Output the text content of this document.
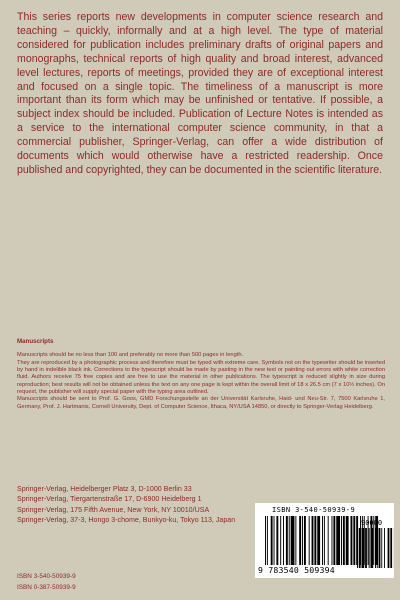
This series reports new developments in computer science research and teaching – quickly, informally and at a high level. The type of material considered for publication includes preliminary drafts of original papers and monographs, technical reports of high quality and broad interest, advanced level lectures, reports of meetings, provided they are of exceptional interest and focused on a single topic. The timeliness of a manuscript is more important than its form which may be unfinished or tentative. If possible, a subject index should be included. Publication of Lecture Notes is intended as a service to the international computer science community, in that a commercial publisher, Springer-Verlag, can offer a wide distribution of documents which would otherwise have a restricted readership. Once published and copyrighted, they can be documented in the scientific literature.

Manuscripts

Manuscripts should be no less than 100 and preferably no more than 500 pages in length.

They are reproduced by a photographic process and therefore must be typed with extreme care. Symbols not on the typewriter should be inserted by hand in indelible black ink. Corrections to the typescript should be made by pasting in the new text or painting out errors with white correction fluid. Authors receive 75 free copies and are free to use the material in other publications. The typescript is reduced slightly in size during reproduction; best results will not be obtained unless the text on any one page is kept within the overall limit of 18 x 26.5 cm (7 x 10½ inches). On request, the publisher will supply special paper with the typing area outlined.

Manuscripts should be sent to Prof. G. Goos, GMD Forschungsstelle an der Universität Karlsruhe, Haid- und Neu-Str. 7, 7500 Karlsruhe 1, Germany, Prof. J. Hartmanis, Cornell University, Dept. of Computer Science, Ithaca, NY/USA 14850, or directly to Springer-Verlag Heidelberg.

Springer-Verlag, Heidelberger Platz 3, D-1000 Berlin 33
Springer-Verlag, Tiergartenstraße 17, D-6900 Heidelberg 1
Springer-Verlag, 175 Fifth Avenue, New York, NY 10010/USA
Springer-Verlag, 37-3, Hongo 3-chome, Bunkyo-ku, Tokyo 113, Japan
ISBN 3-540-50939-9
ISBN 0-387-50939-9
ISBN 3-540-50939-9
90000
9 783540 509394
